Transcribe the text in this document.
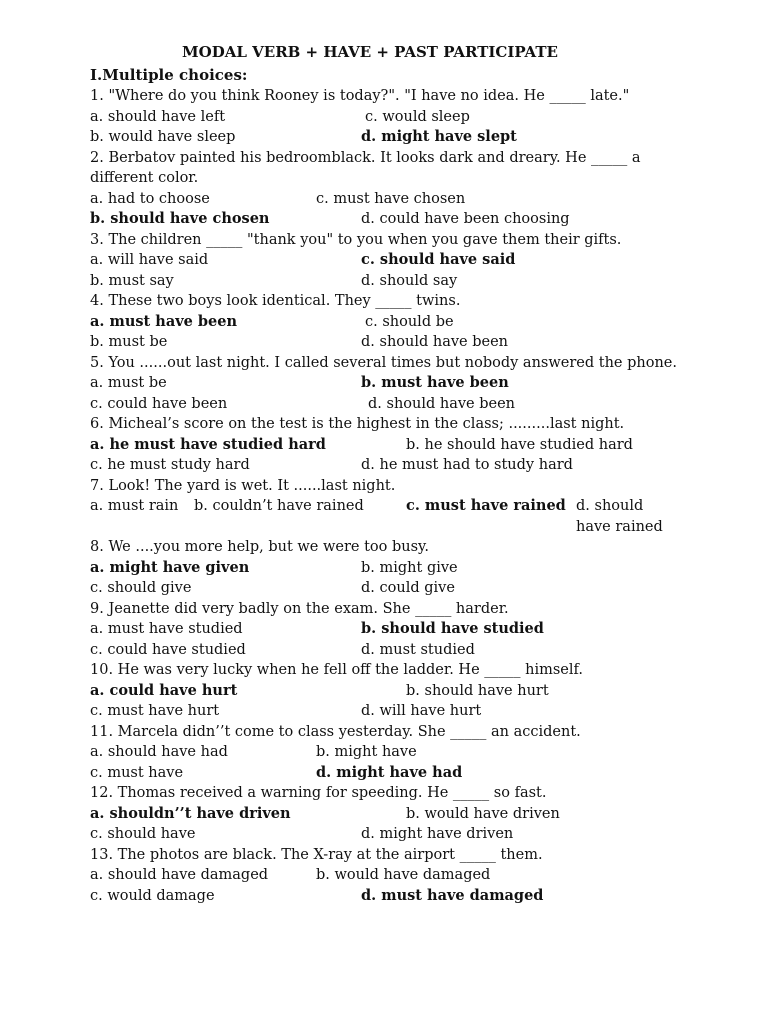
MODAL VERB + HAVE + PAST PARTICIPATE
I.Multiple choices:
1. "Where do you think Rooney is today?". "I have no idea. He _____ late."
a. should have left	c. would sleep
b. would have sleep	d. might have slept
2. Berbatov painted his bedroomblack. It looks dark and dreary. He _____ a different color.
a. had to choose	c. must have chosen
b. should have chosen	d. could have been choosing
3. The children _____ "thank you" to you when you gave them their gifts.
a. will have said	c. should have said
b. must say	d. should say
4. These two boys look identical. They _____ twins.
a. must have been	c. should be
b. must be	d. should have been
5. You ......out last night. I called several times but nobody answered the phone.
a. must be	b. must have been
c. could have been	d. should have been
6. Micheal’s score on the test is the highest in the class; .........last night.
a. he must have studied hard	b. he should have studied hard
c. he must study hard	d. he must had to study hard
7. Look! The yard is wet. It ......last night.
a. must rain b. couldn’t have rained	c. must have rained d. should have rained
8. We ....you more help, but we were too busy.
a. might have given	b. might give
c. should give	d. could give
9. Jeanette did very badly on the exam. She _____ harder.
a. must have studied	b. should have studied
c. could have studied	d. must studied
10. He was very lucky when he fell off the ladder. He _____ himself.
a. could have hurt	b. should have hurt
c. must have hurt	d. will have hurt
11. Marcela didn’’t come to class yesterday. She _____ an accident.
a. should have had	b. might have
c. must have	d. might have had
12. Thomas received a warning for speeding. He _____ so fast.
a. shouldn’’t have driven	b. would have driven
c. should have	d. might have driven
13. The photos are black. The X-ray at the airport _____ them.
a. should have damaged	b. would have damaged
c. would damage	d. must have damaged
